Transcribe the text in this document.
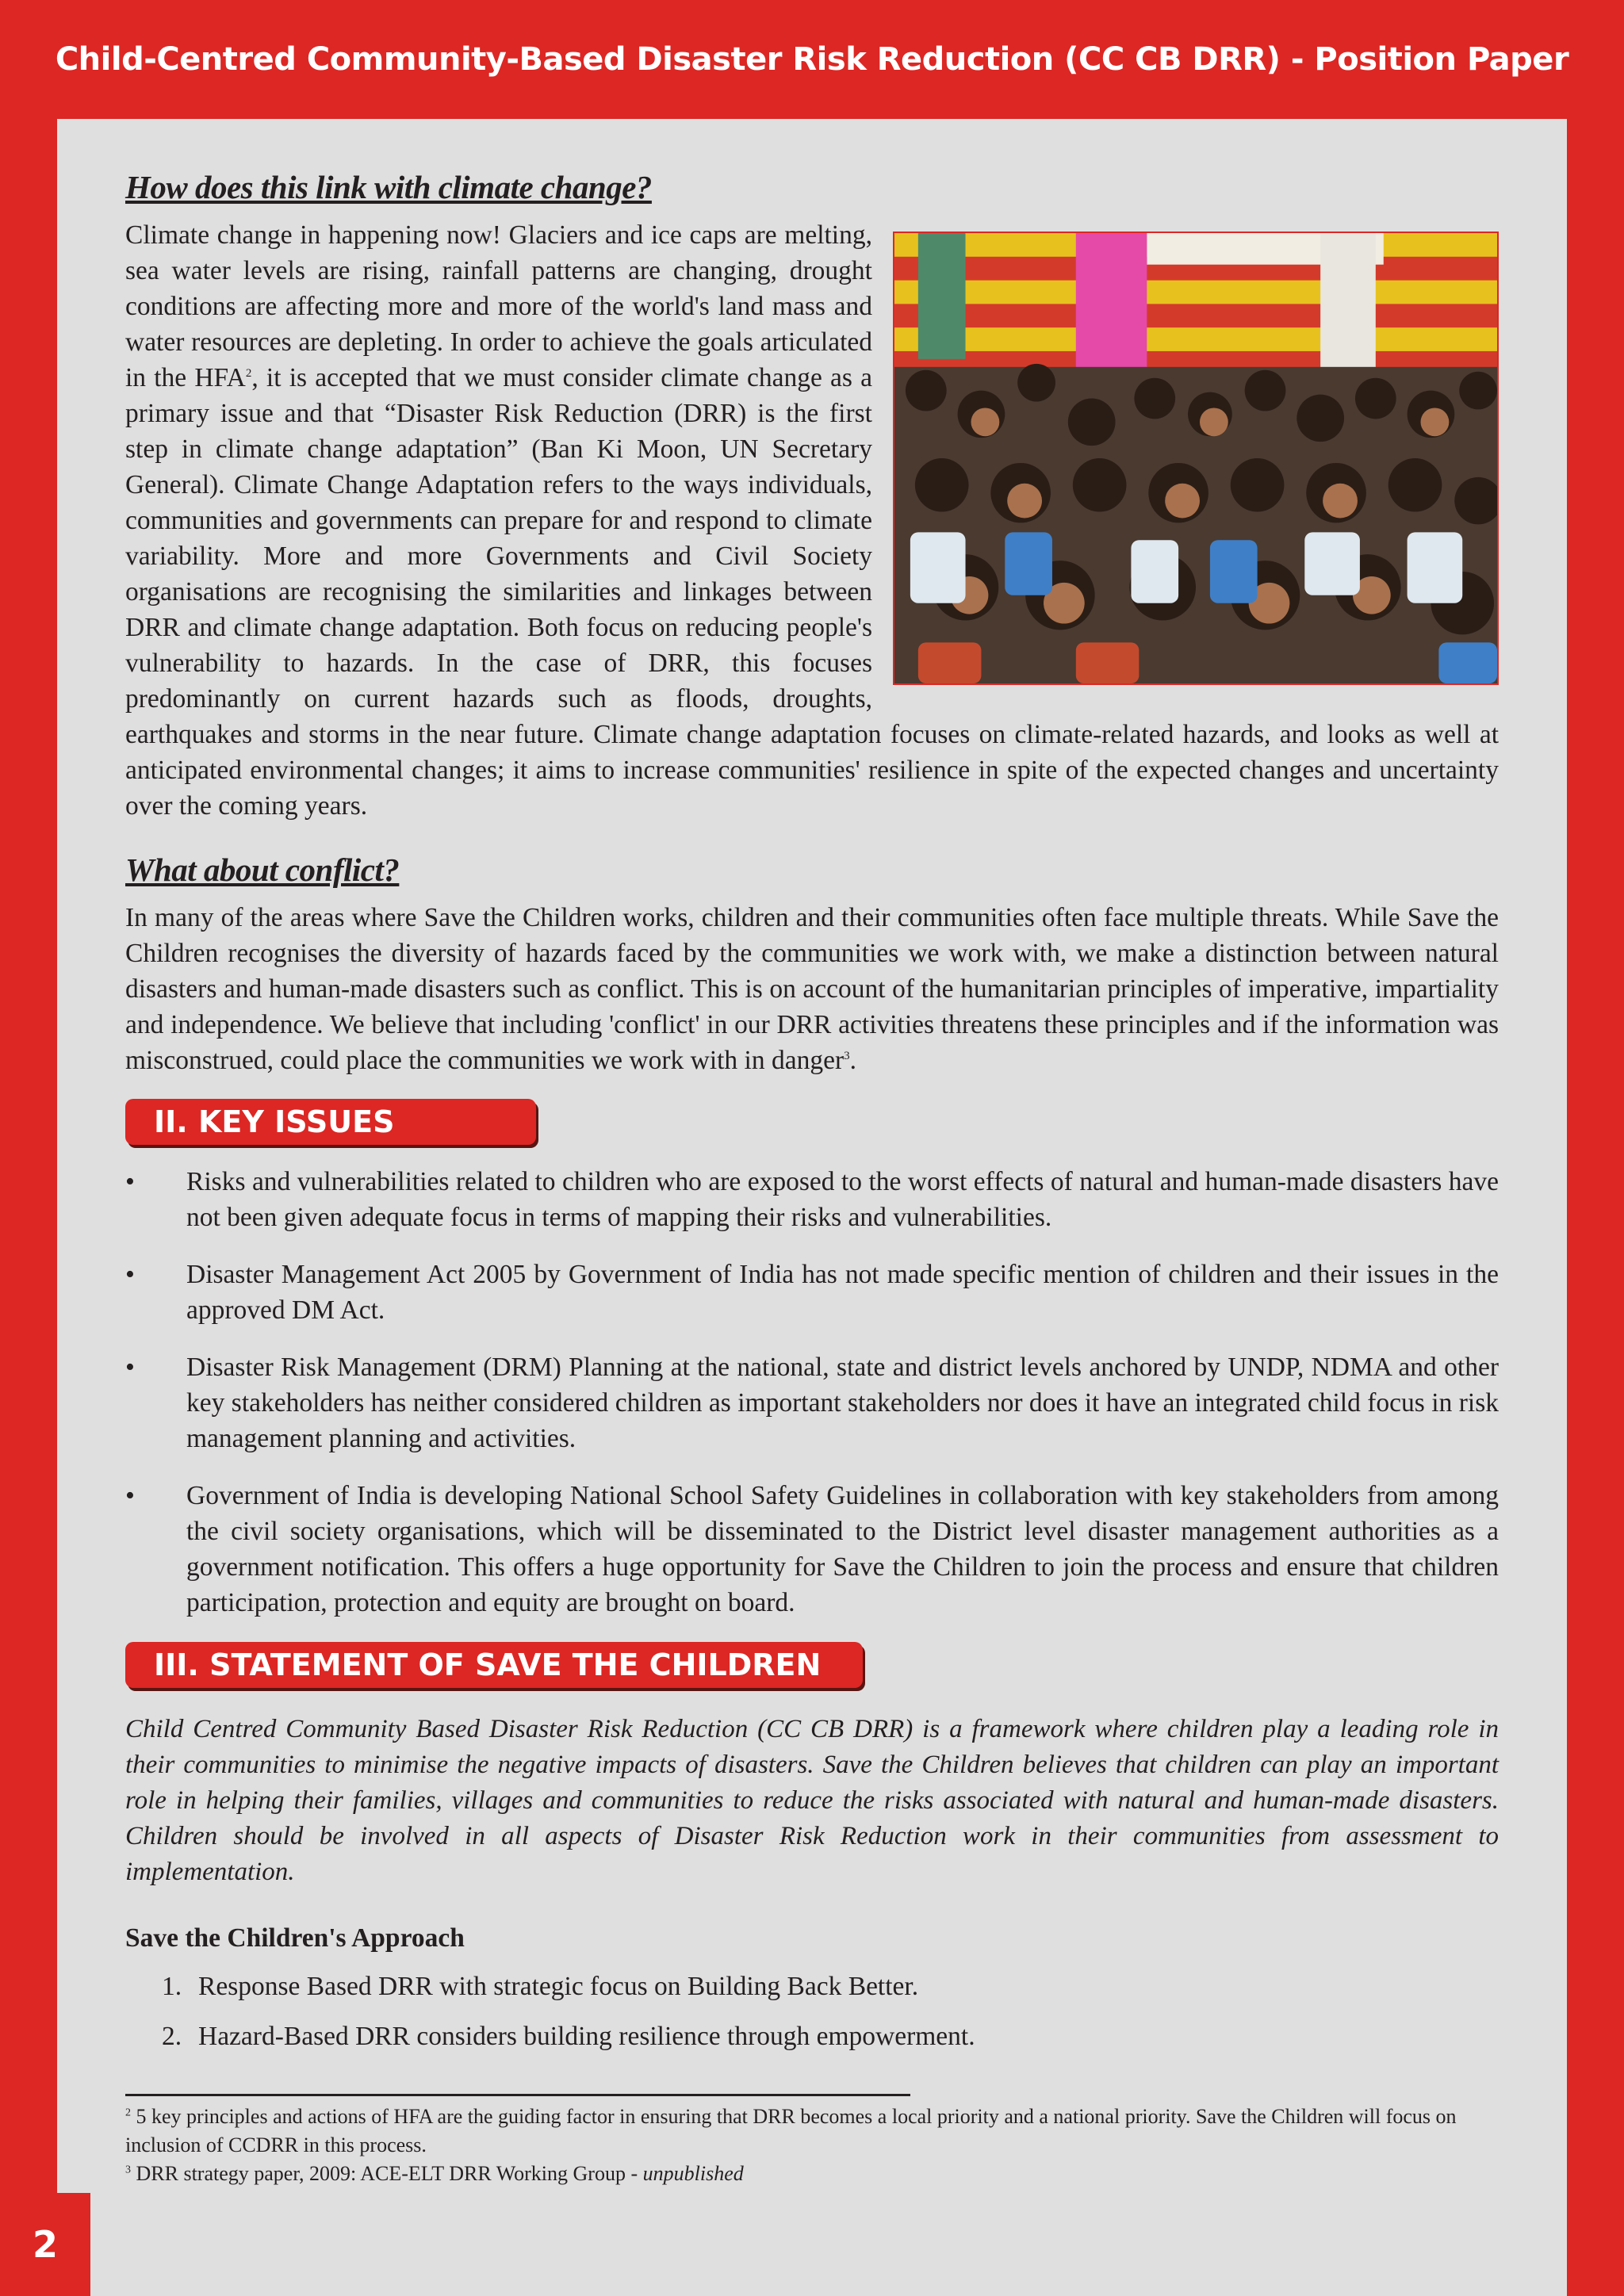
Child-Centred Community-Based Disaster Risk Reduction (CC CB DRR) - Position Paper
How does this link with climate change?

Climate change in happening now! Glaciers and ice caps are melting, sea water levels are rising, rainfall patterns are changing, drought conditions are affecting more and more of the world's land mass and water resources are depleting. In order to achieve the goals articulated in the HFA$^2$, it is accepted that we must consider climate change as a primary issue and that “Disaster Risk Reduction (DRR) is the first step in climate change adaptation” (Ban Ki Moon, UN Secretary General). Climate Change Adaptation refers to the ways individuals, communities and governments can prepare for and respond to climate variability. More and more Governments and Civil Society organisations are recognising the similarities and linkages between DRR and climate change adaptation. Both focus on reducing people's vulnerability to hazards. In the case of DRR, this focuses predominantly on current hazards such as floods, droughts, earthquakes and storms in the near future. Climate change adaptation focuses on climate-related hazards, and looks as well at anticipated environmental changes; it aims to increase communities' resilience in spite of the expected changes and uncertainty over the coming years.

What about conflict?

In many of the areas where Save the Children works, children and their communities often face multiple threats. While Save the Children recognises the diversity of hazards faced by the communities we work with, we make a distinction between natural disasters and human-made disasters such as conflict. This is on account of the humanitarian principles of imperative, impartiality and independence. We believe that including 'conflict' in our DRR activities threatens these principles and if the information was misconstrued, could place the communities we work with in danger$^3$.

II. KEY ISSUES
• Risks and vulnerabilities related to children who are exposed to the worst effects of natural and human-made disasters have not been given adequate focus in terms of mapping their risks and vulnerabilities.
• Disaster Management Act 2005 by Government of India has not made specific mention of children and their issues in the approved DM Act.
• Disaster Risk Management (DRM) Planning at the national, state and district levels anchored by UNDP, NDMA and other key stakeholders has neither considered children as important stakeholders nor does it have an integrated child focus in risk management planning and activities.
• Government of India is developing National School Safety Guidelines in collaboration with key stakeholders from among the civil society organisations, which will be disseminated to the District level disaster management authorities as a government notification. This offers a huge opportunity for Save the Children to join the process and ensure that children participation, protection and equity are brought on board.
III. STATEMENT OF SAVE THE CHILDREN

Child Centred Community Based Disaster Risk Reduction (CC CB DRR) is a framework where children play a leading role in their communities to minimise the negative impacts of disasters. Save the Children believes that children can play an important role in helping their families, villages and communities to reduce the risks associated with natural and human-made disasters. Children should be involved in all aspects of Disaster Risk Reduction work in their communities from assessment to implementation.

Save the Children's Approach
1. Response Based DRR with strategic focus on Building Back Better.
2. Hazard-Based DRR considers building resilience through empowerment.
$^2$ 5 key principles and actions of HFA are the guiding factor in ensuring that DRR becomes a local priority and a national priority. Save the Children will focus on inclusion of CCDRR in this process.
$^3$ DRR strategy paper, 2009: ACE-ELT DRR Working Group - unpublished
2
